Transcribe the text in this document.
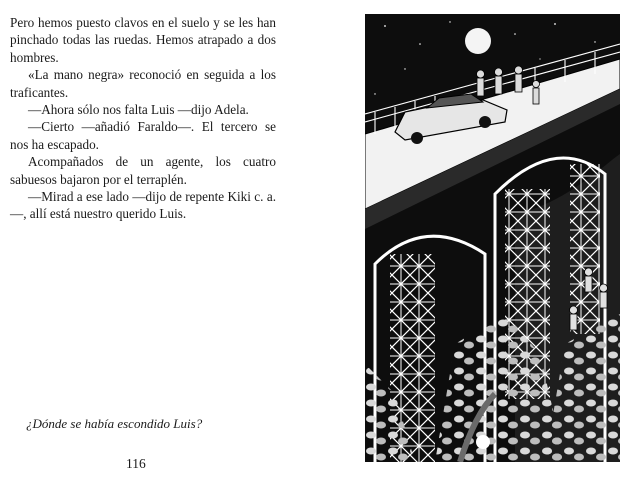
Pero hemos puesto clavos en el suelo y se les han pinchado todas las ruedas. Hemos atrapado a dos hombres.

«La mano negra» reconoció en seguida a los traficantes.

—Ahora sólo nos falta Luis —dijo Adela.

—Cierto —añadió Faraldo—. El tercero se nos ha escapado.

Acompañados de un agente, los cuatro sabuesos bajaron por el terraplén.

—Mirad a ese lado —dijo de repente Kiki c. a.—, allí está nuestro querido Luis.

¿Dónde se había escondido Luis?
116
